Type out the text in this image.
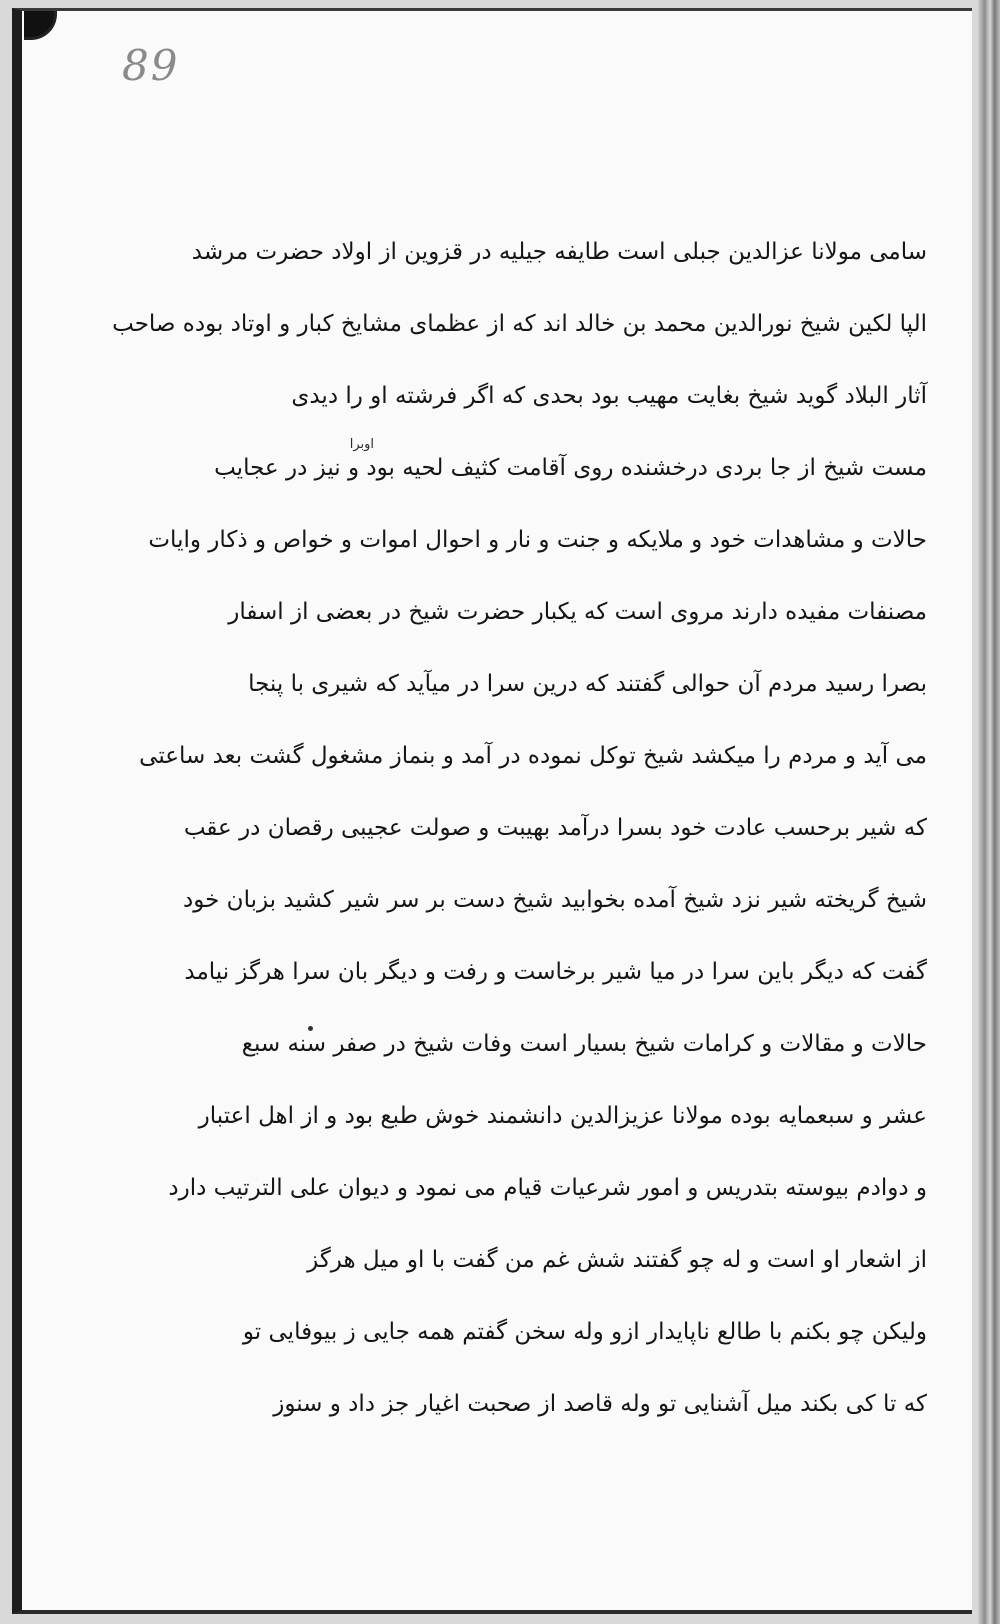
89
اوبرا
سامی مولانا عزالدین جبلی است طایفه جیلیه در قزوین از اولاد حضرت مرشد
الپا لکین شیخ نورالدین محمد بن خالد اند که از عظمای مشایخ کبار و اوتاد بوده صاحب
آثار البلاد گوید شیخ بغایت مهیب بود بحدی که اگر فرشته او را دیدی
مست شیخ از جا بردی درخشنده روی آقامت کثیف لحیه بود و نیز در عجایب
حالات و مشاهدات خود و ملایکه و جنت و نار و احوال اموات و خواص و ذکار وایات
مصنفات مفیده دارند مروی است که یکبار حضرت شیخ در بعضی از اسفار
بصرا رسید مردم آن حوالی گفتند که درین سرا در میآید که شیری با پنجا
می آید و مردم را میکشد شیخ توکل نموده در آمد و بنماز مشغول گشت بعد ساعتی
که شیر برحسب عادت خود بسرا درآمد بهیبت و صولت عجیبی رقصان در عقب
شیخ گریخته شیر نزد شیخ آمده بخوابید شیخ دست بر سر شیر کشید بزبان خود
گفت که دیگر باین سرا در میا شیر برخاست و رفت و دیگر بان سرا هرگز نیامد
حالات و مقالات و کرامات شیخ بسیار است وفات شیخ در صفر سنه سبع
عشر و سبعمایه بوده مولانا عزیزالدین دانشمند خوش طبع بود و از اهل اعتبار
و دوادم بیوسته بتدریس و امور شرعیات قیام می نمود و دیوان علی الترتیب دارد
از اشعار او است و له چو گفتند شش غم من گفت با او میل هرگز
ولیکن چو بکنم با طالع ناپایدار ازو وله سخن گفتم همه جایی ز بیوفایی تو
که تا کی بکند میل آشنایی تو وله قاصد از صحبت اغیار جز داد و سنوز
